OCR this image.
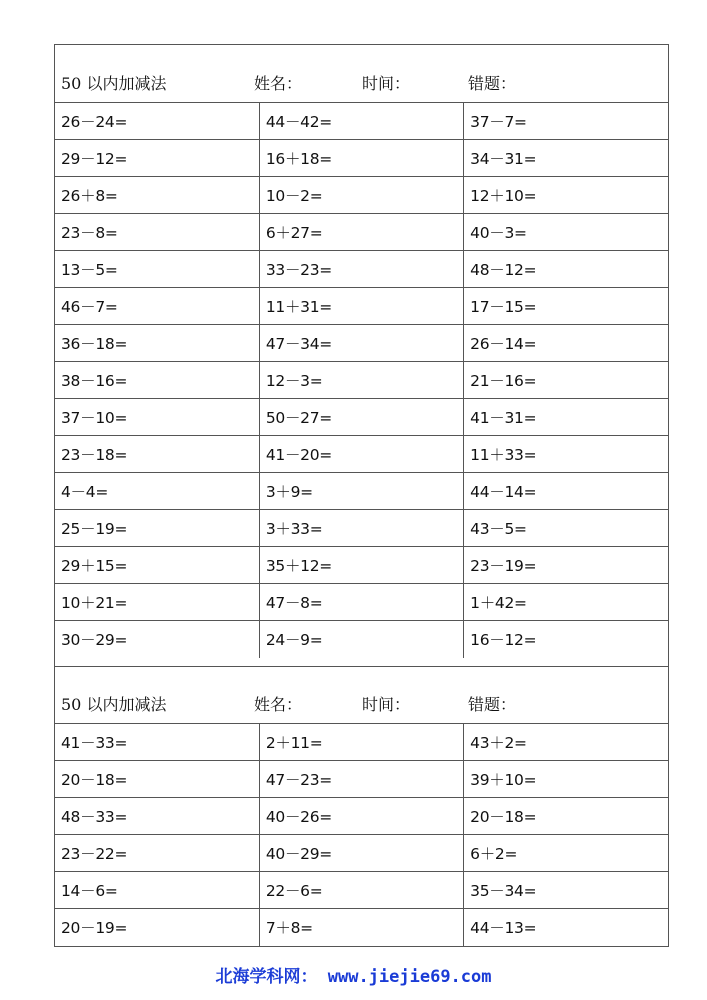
50 以内加减法	姓名：	时间：	错题：
26－24=	44－42=	37－7=
29－12=	16＋18=	34－31=
26＋8=	10－2=	12＋10=
23－8=	6＋27=	40－3=
13－5=	33－23=	48－12=
46－7=	11＋31=	17－15=
36－18=	47－34=	26－14=
38－16=	12－3=	21－16=
37－10=	50－27=	41－31=
23－18=	41－20=	11＋33=
4－4=	3＋9=	44－14=
25－19=	3＋33=	43－5=
29＋15=	35＋12=	23－19=
10＋21=	47－8=	1＋42=
30－29=	24－9=	16－12=
50 以内加减法	姓名：	时间：	错题：
41－33=	2＋11=	43＋2=
20－18=	47－23=	39＋10=
48－33=	40－26=	20－18=
23－22=	40－29=	6＋2=
14－6=	22－6=	35－34=
20－19=	7＋8=	44－13=
北海学科网： www.jiejie69.com
